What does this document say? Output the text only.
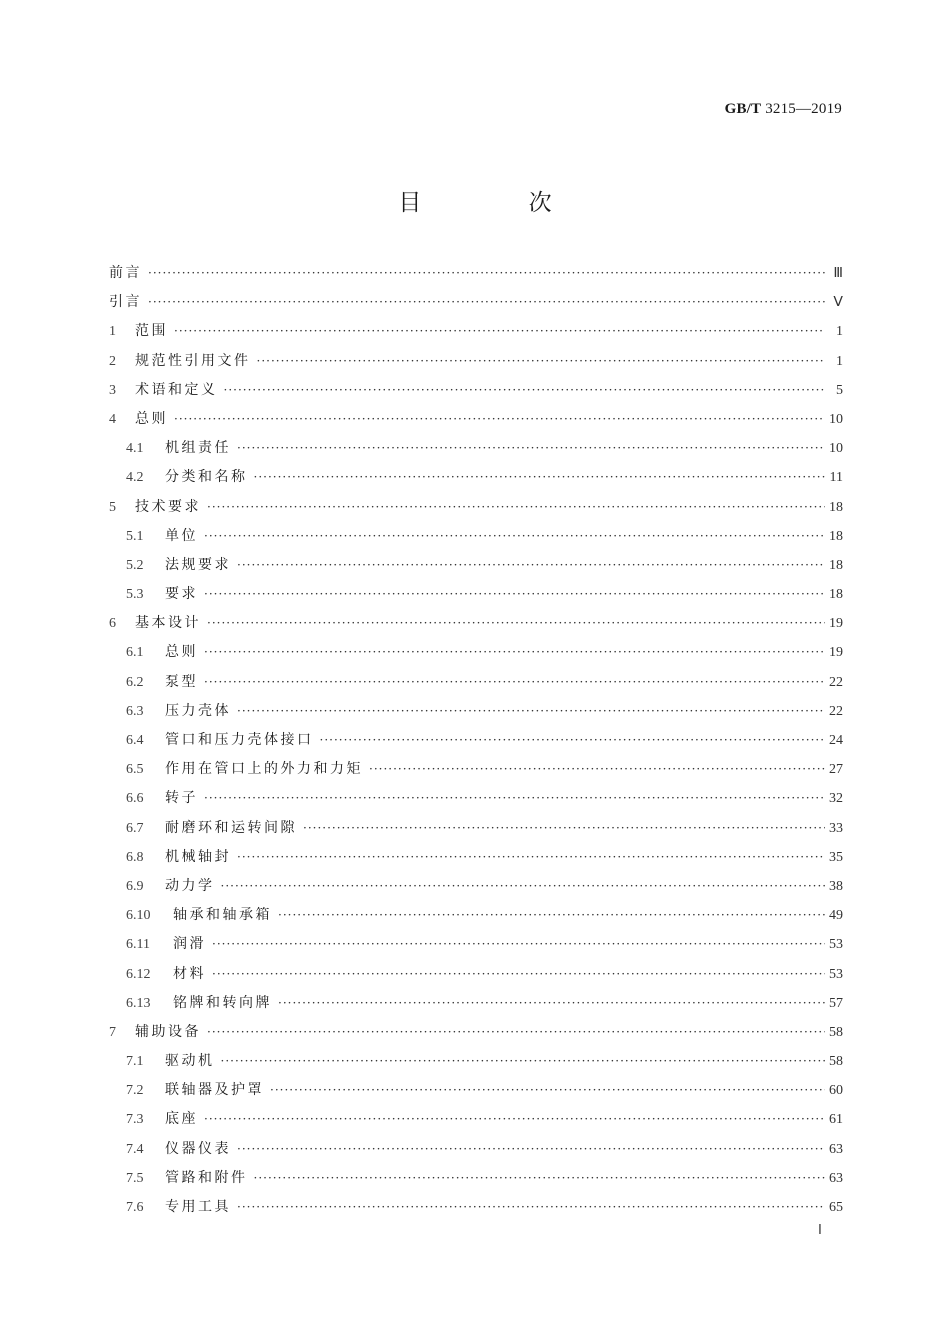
GB/T 3215—2019
目 次
前言 ·····	Ⅲ
引言 ·····	Ⅴ
1	范围 ·····	1
2	规范性引用文件 ·····	1
3	术语和定义 ·····	5
4	总则 ·····	10
4.1	机组责任 ·····	10
4.2	分类和名称 ·····	11
5	技术要求 ·····	18
5.1	单位 ·····	18
5.2	法规要求 ·····	18
5.3	要求 ·····	18
6	基本设计 ·····	19
6.1	总则 ·····	19
6.2	泵型 ·····	22
6.3	压力壳体 ·····	22
6.4	管口和压力壳体接口 ·····	24
6.5	作用在管口上的外力和力矩 ·····	27
6.6	转子 ·····	32
6.7	耐磨环和运转间隙 ·····	33
6.8	机械轴封 ·····	35
6.9	动力学 ·····	38
6.10	轴承和轴承箱 ·····	49
6.11	润滑 ·····	53
6.12	材料 ·····	53
6.13	铭牌和转向牌 ·····	57
7	辅助设备 ·····	58
7.1	驱动机 ·····	58
7.2	联轴器及护罩 ·····	60
7.3	底座 ·····	61
7.4	仪器仪表 ·····	63
7.5	管路和附件 ·····	63
7.6	专用工具 ·····	65
Ⅰ
